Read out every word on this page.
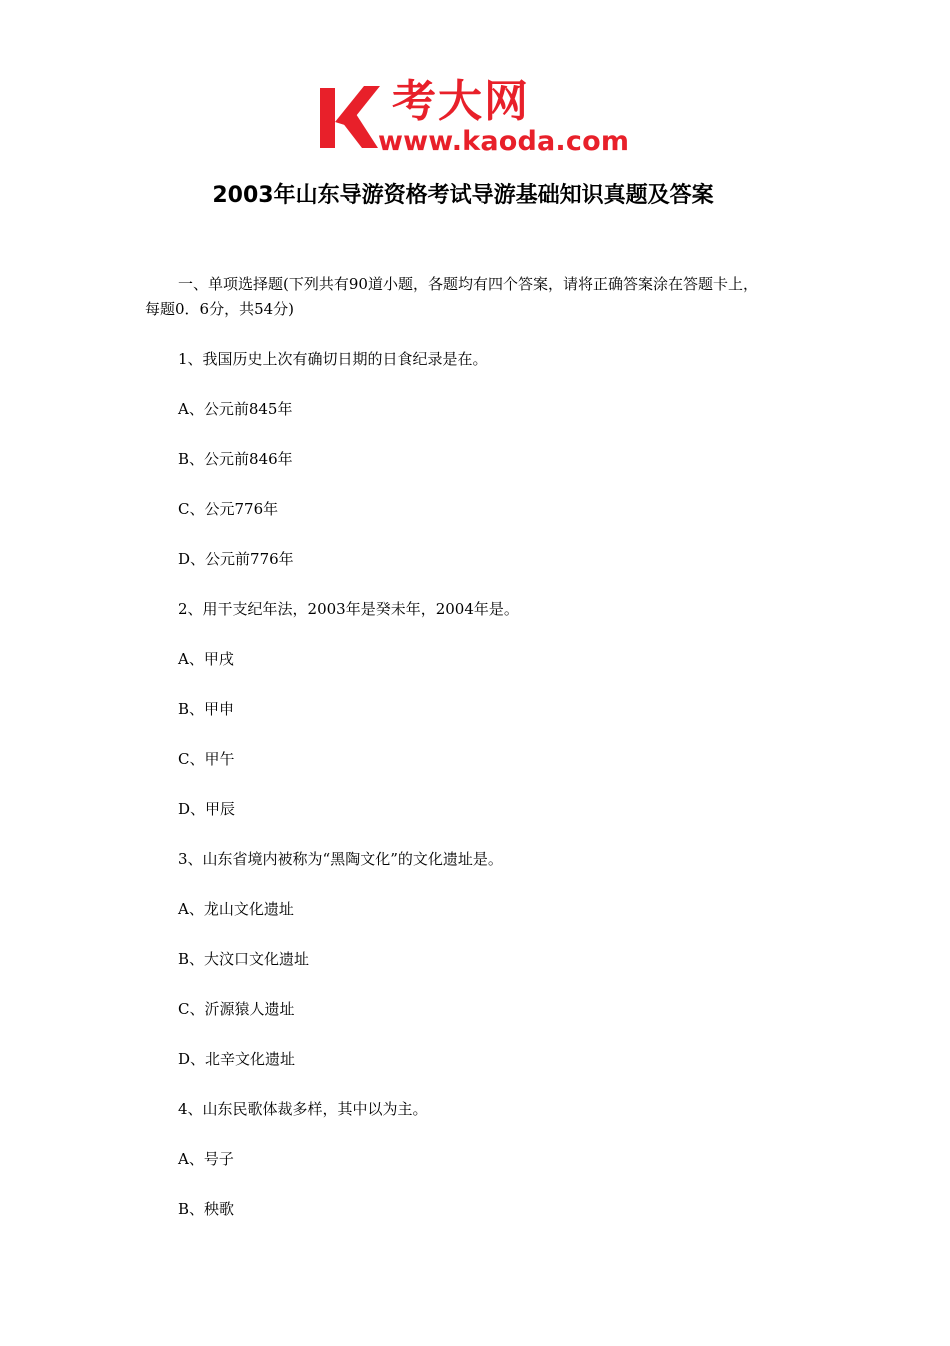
考大网
www.kaoda.com
2003年山东导游资格考试导游基础知识真题及答案
一、单项选择题(下列共有90道小题，各题均有四个答案，请将正确答案涂在答题卡上，
每题0．6分，共54分)
1、我国历史上次有确切日期的日食纪录是在。
A、公元前845年
B、公元前846年
C、公元776年
D、公元前776年
2、用干支纪年法，2003年是癸未年，2004年是。
A、甲戌
B、甲申
C、甲午
D、甲辰
3、山东省境内被称为“黑陶文化”的文化遗址是。
A、龙山文化遗址
B、大汶口文化遗址
C、沂源猿人遗址
D、北辛文化遗址
4、山东民歌体裁多样，其中以为主。
A、号子
B、秧歌
